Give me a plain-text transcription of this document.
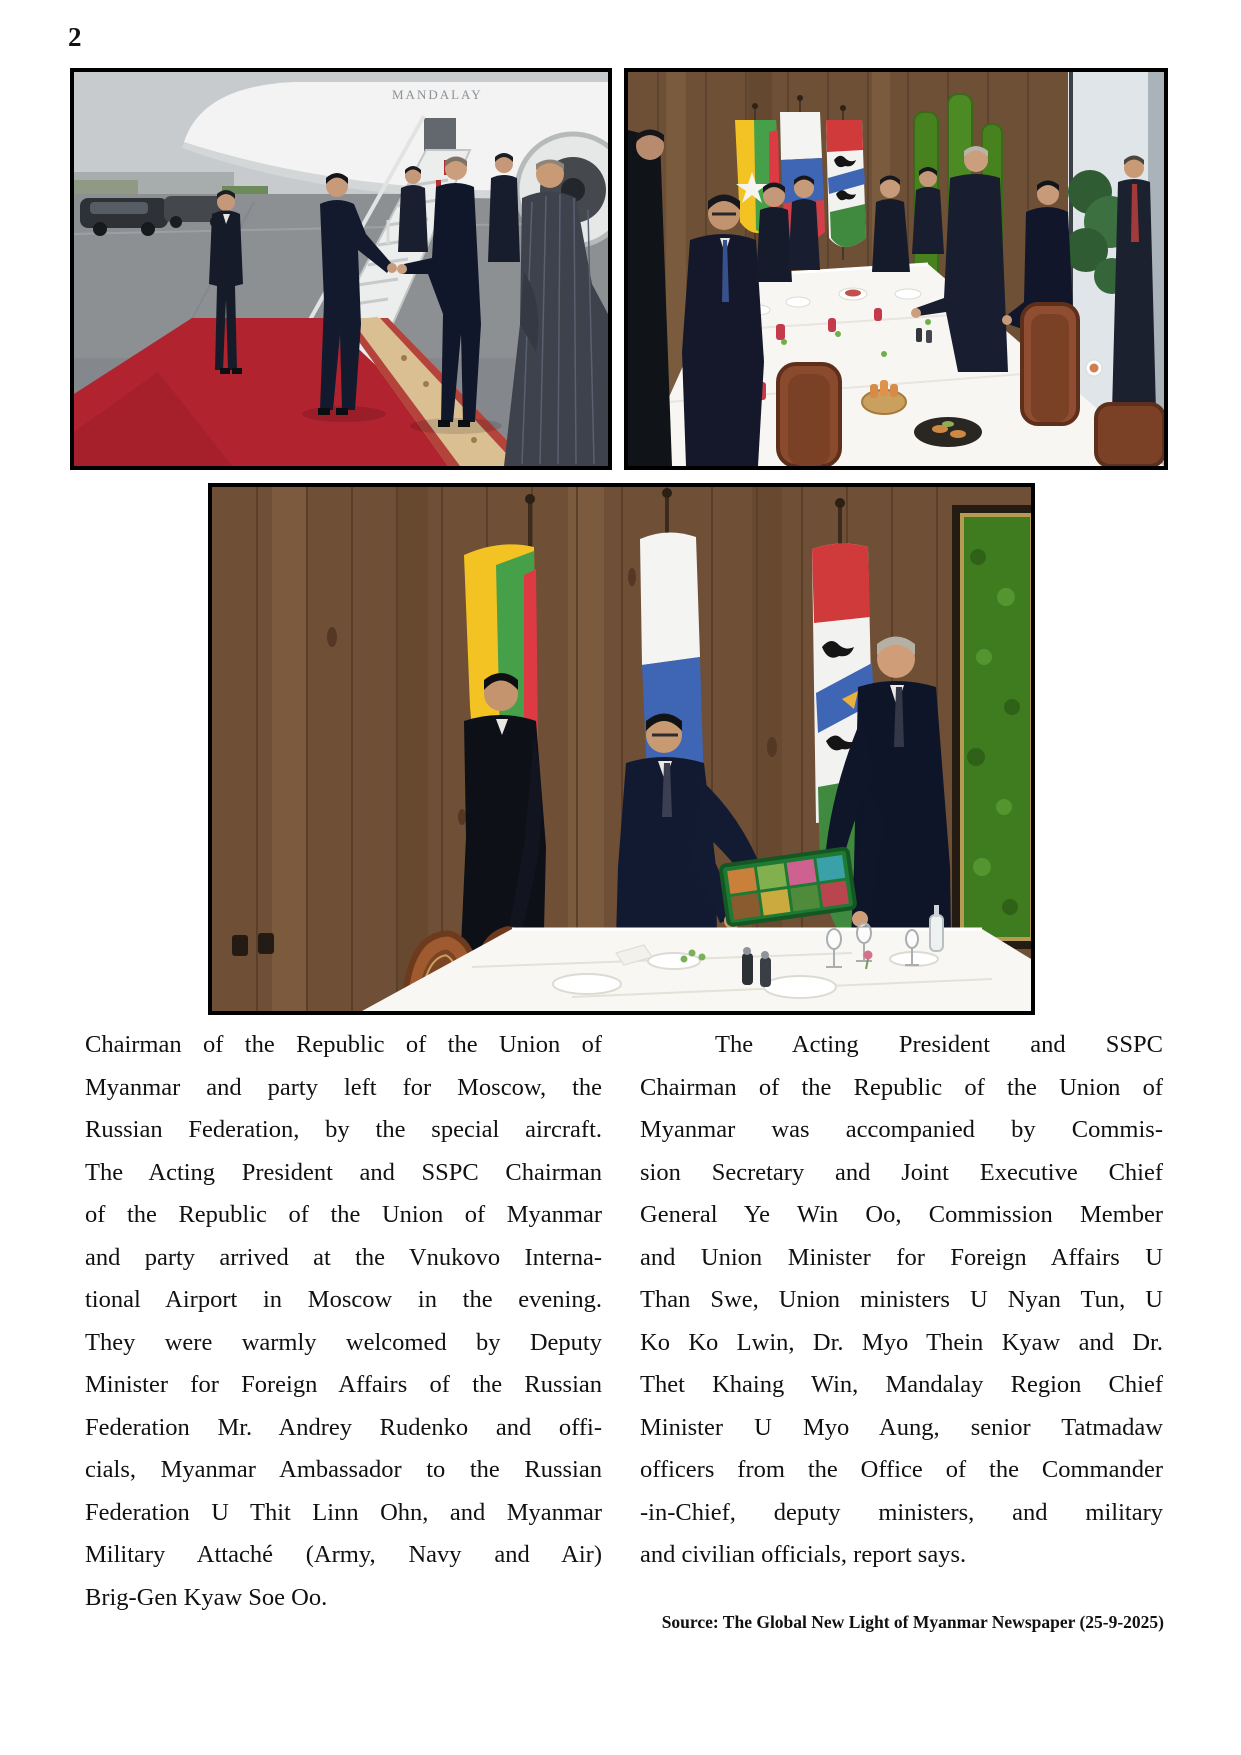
2
MANDALAY
Chairman of the Republic of the Union of
Myanmar and party left for Moscow, the
Russian Federation, by the special aircraft.
The Acting President and SSPC Chairman
of the Republic of the Union of Myanmar
and party arrived at the Vnukovo Interna-
tional Airport in Moscow in the evening.
They were warmly welcomed by Deputy
Minister for Foreign Affairs of the Russian
Federation Mr. Andrey Rudenko and offi-
cials, Myanmar Ambassador to the Russian
Federation U Thit Linn Ohn, and Myanmar
Military Attaché (Army, Navy and Air)
Brig-Gen Kyaw Soe Oo.
The Acting President and SSPC
Chairman of the Republic of the Union of
Myanmar was accompanied by Commis-
sion Secretary and Joint Executive Chief
General Ye Win Oo, Commission Member
and Union Minister for Foreign Affairs U
Than Swe, Union ministers U Nyan Tun, U
Ko Ko Lwin, Dr. Myo Thein Kyaw and Dr.
Thet Khaing Win, Mandalay Region Chief
Minister U Myo Aung, senior Tatmadaw
officers from the Office of the Commander
-in-Chief, deputy ministers, and military
and civilian officials, report says.
Source: The Global New Light of Myanmar Newspaper (25-9-2025)
